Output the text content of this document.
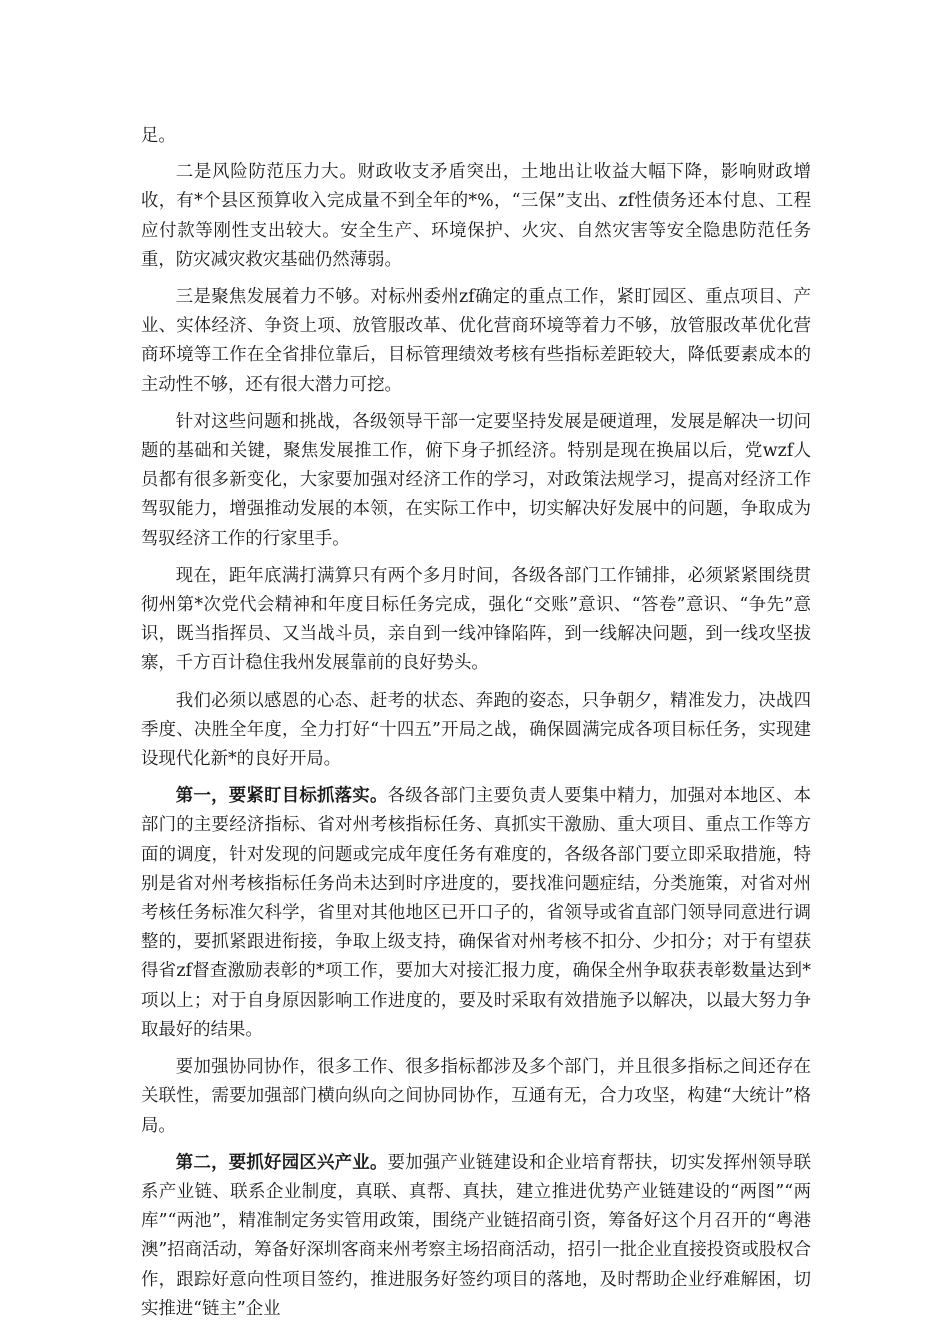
足。

二是风险防范压力大。财政收支矛盾突出，土地出让收益大幅下降，影响财政增收，有*个县区预算收入完成量不到全年的*%，“三保”支出、zf性债务还本付息、工程应付款等刚性支出较大。安全生产、环境保护、火灾、自然灾害等安全隐患防范任务重，防灾减灾救灾基础仍然薄弱。

三是聚焦发展着力不够。对标州委州zf确定的重点工作，紧盯园区、重点项目、产业、实体经济、争资上项、放管服改革、优化营商环境等着力不够，放管服改革优化营商环境等工作在全省排位靠后，目标管理绩效考核有些指标差距较大，降低要素成本的主动性不够，还有很大潜力可挖。

针对这些问题和挑战，各级领导干部一定要坚持发展是硬道理，发展是解决一切问题的基础和关键，聚焦发展推工作，俯下身子抓经济。特别是现在换届以后，党wzf人员都有很多新变化，大家要加强对经济工作的学习，对政策法规学习，提高对经济工作驾驭能力，增强推动发展的本领，在实际工作中，切实解决好发展中的问题，争取成为驾驭经济工作的行家里手。

现在，距年底满打满算只有两个多月时间，各级各部门工作铺排，必须紧紧围绕贯彻州第*次党代会精神和年度目标任务完成，强化“交账”意识、“答卷”意识、“争先”意识，既当指挥员、又当战斗员，亲自到一线冲锋陷阵，到一线解决问题，到一线攻坚拔寨，千方百计稳住我州发展靠前的良好势头。

我们必须以感恩的心态、赶考的状态、奔跑的姿态，只争朝夕，精准发力，决战四季度、决胜全年度，全力打好“十四五”开局之战，确保圆满完成各项目标任务，实现建设现代化新*的良好开局。

第一，要紧盯目标抓落实。各级各部门主要负责人要集中精力，加强对本地区、本部门的主要经济指标、省对州考核指标任务、真抓实干激励、重大项目、重点工作等方面的调度，针对发现的问题或完成年度任务有难度的，各级各部门要立即采取措施，特别是省对州考核指标任务尚未达到时序进度的，要找准问题症结，分类施策，对省对州考核任务标准欠科学，省里对其他地区已开口子的，省领导或省直部门领导同意进行调整的，要抓紧跟进衔接，争取上级支持，确保省对州考核不扣分、少扣分；对于有望获得省zf督查激励表彰的*项工作，要加大对接汇报力度，确保全州争取获表彰数量达到*项以上；对于自身原因影响工作进度的，要及时采取有效措施予以解决，以最大努力争取最好的结果。

要加强协同协作，很多工作、很多指标都涉及多个部门，并且很多指标之间还存在关联性，需要加强部门横向纵向之间协同协作，互通有无，合力攻坚，构建“大统计”格局。

第二，要抓好园区兴产业。要加强产业链建设和企业培育帮扶，切实发挥州领导联系产业链、联系企业制度，真联、真帮、真扶，建立推进优势产业链建设的“两图”“两库”“两池”，精准制定务实管用政策，围绕产业链招商引资，筹备好这个月召开的“粤港澳”招商活动，筹备好深圳客商来州考察主场招商活动，招引一批企业直接投资或股权合作，跟踪好意向性项目签约，推进服务好签约项目的落地，及时帮助企业纾难解困，切实推进“链主”企业
